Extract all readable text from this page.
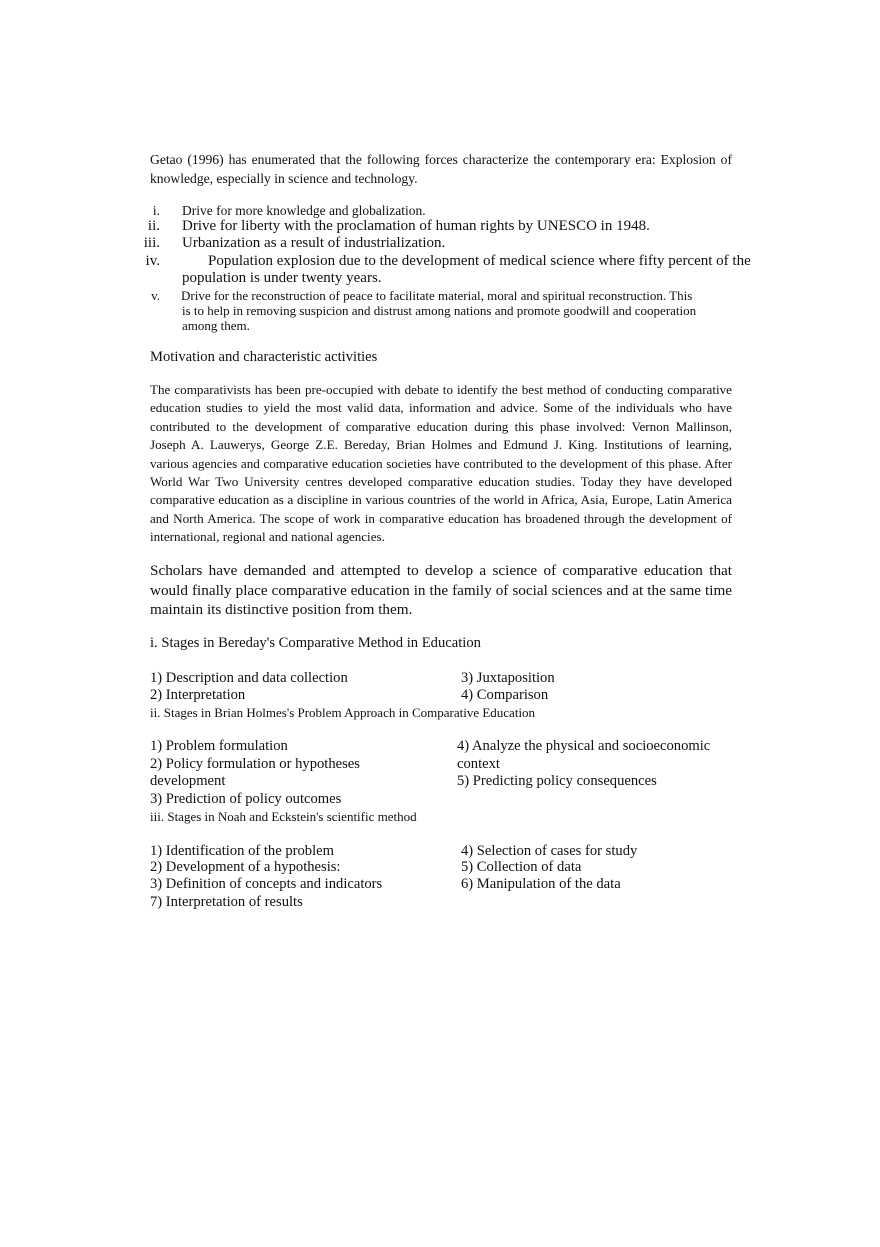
Getao (1996) has enumerated that the following forces characterize the contemporary era: Explosion of knowledge, especially in science and technology.

i. Drive for more knowledge and globalization.
ii. Drive for liberty with the proclamation of human rights by UNESCO in 1948.
iii. Urbanization as a result of industrialization.
iv.	Population explosion due to the development of medical science where fifty percent of the
population is under twenty years.
v. Drive for the reconstruction of peace to facilitate material, moral and spiritual reconstruction. This
is to help in removing suspicion and distrust among nations and promote goodwill and cooperation
among them.
Motivation and characteristic activities

The comparativists has been pre-occupied with debate to identify the best method of conducting comparative education studies to yield the most valid data, information and advice. Some of the individuals who have contributed to the development of comparative education during this phase involved: Vernon Mallinson, Joseph A. Lauwerys, George Z.E. Bereday, Brian Holmes and Edmund J. King. Institutions of learning, various agencies and comparative education societies have contributed to the development of this phase. After World War Two University centres developed comparative education studies. Today they have developed comparative education as a discipline in various countries of the world in Africa, Asia, Europe, Latin America and North America. The scope of work in comparative education has broadened through the development of international, regional and national agencies.

Scholars have demanded and attempted to develop a science of comparative education that would finally place comparative education in the family of social sciences and at the same time maintain its distinctive position from them.

i. Stages in Bereday's Comparative Method in Education
1) Description and data collection
2) Interpretation
3) Juxtaposition
4) Comparison
ii. Stages in Brian Holmes's Problem Approach in Comparative Education
1) Problem formulation
2) Policy formulation or hypotheses
development
3) Prediction of policy outcomes
4) Analyze the physical and socioeconomic
context
5) Predicting policy consequences
iii. Stages in Noah and Eckstein's scientific method
1) Identification of the problem
2) Development of a hypothesis:
3) Definition of concepts and indicators
4) Selection of cases for study
5) Collection of data
6) Manipulation of the data
7) Interpretation of results
